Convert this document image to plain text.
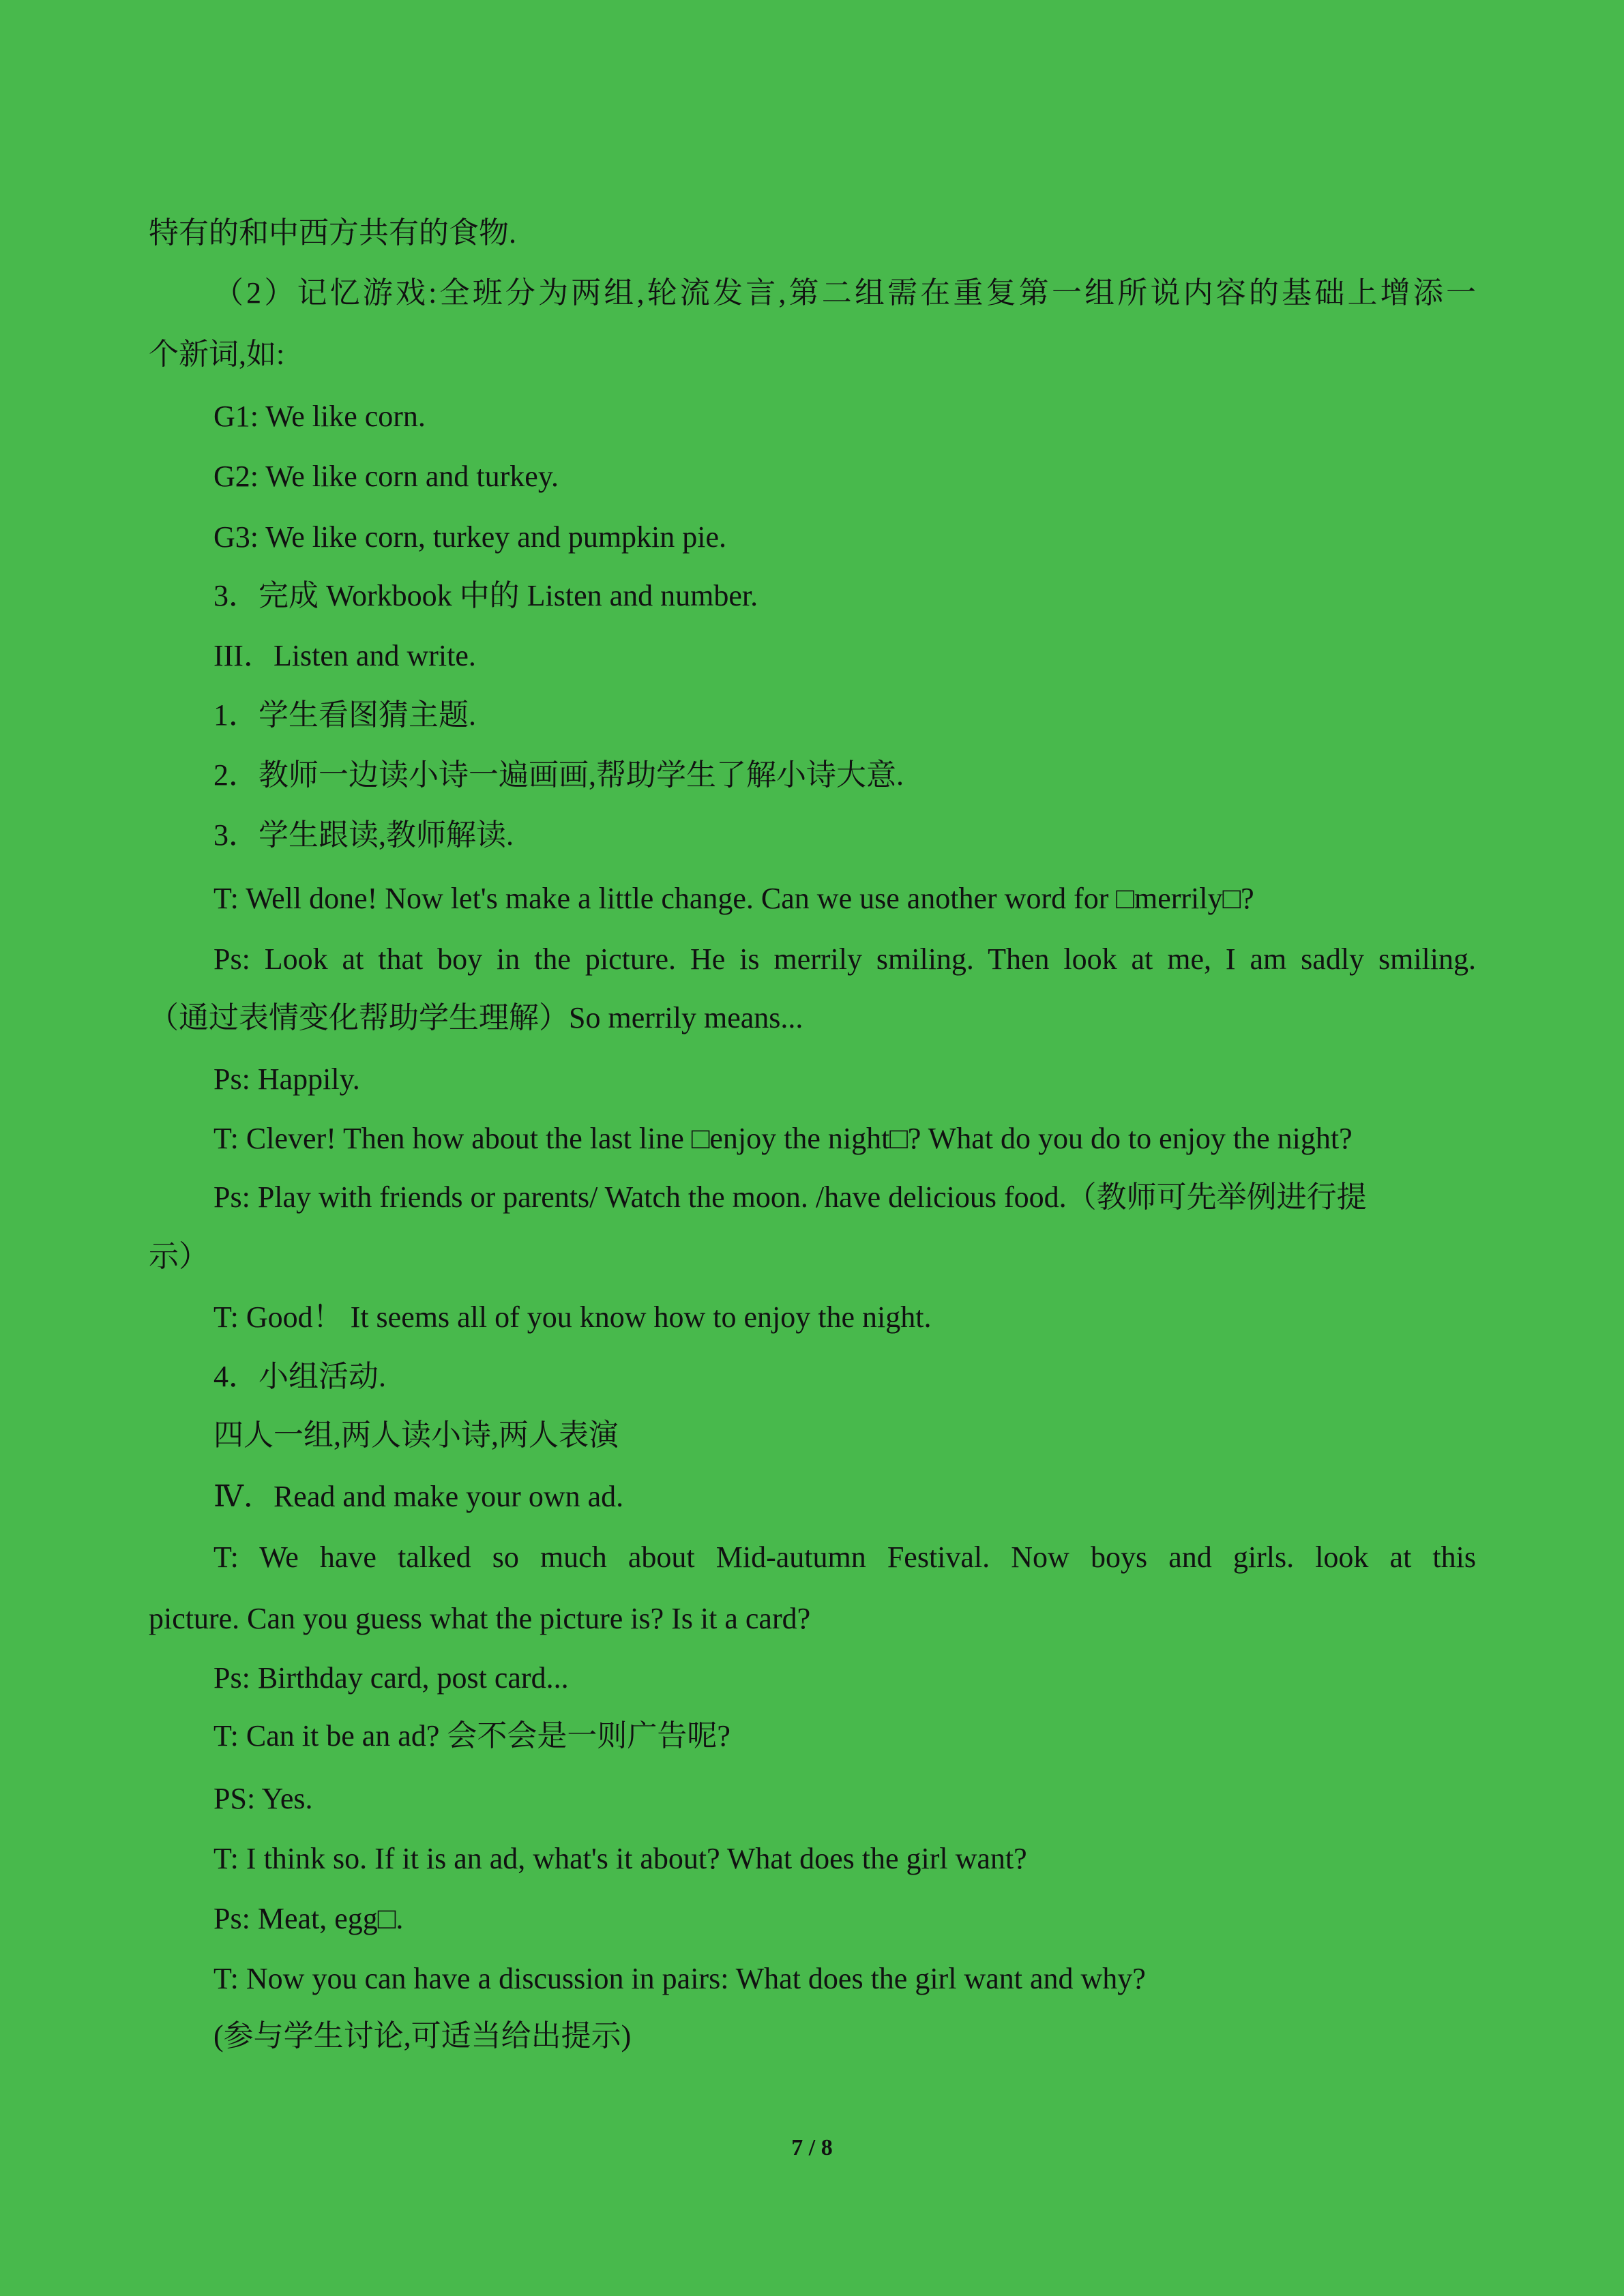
特有的和中西方共有的食物.
（2）记忆游戏:全班分为两组,轮流发言,第二组需在重复第一组所说内容的基础上增添一
个新词,如:
G1: We like corn.
G2: We like corn and turkey.
G3: We like corn, turkey and pumpkin pie.
3．完成 Workbook 中的 Listen and number.
III．Listen and write.
1．学生看图猜主题.
2．教师一边读小诗一遍画画,帮助学生了解小诗大意.
3．学生跟读,教师解读.
T: Well done! Now let's make a little change. Can we use another word for □merrily□?
Ps: Look at that boy in the picture. He is merrily smiling. Then look at me, I am sadly smiling.
（通过表情变化帮助学生理解）So merrily means...
Ps: Happily.
T: Clever! Then how about the last line □enjoy the night□? What do you do to enjoy the night?
Ps: Play with friends or parents/ Watch the moon. /have delicious food.（教师可先举例进行提
示）
T: Good！ It seems all of you know how to enjoy the night.
4．小组活动.
四人一组,两人读小诗,两人表演
Ⅳ．Read and make your own ad.
T: We have talked so much about Mid-autumn Festival. Now boys and girls. look at this
picture. Can you guess what the picture is? Is it a card?
Ps: Birthday card, post card...
T: Can it be an ad? 会不会是一则广告呢?
PS: Yes.
T: I think so. If it is an ad, what's it about? What does the girl want?
Ps: Meat, egg□.
T: Now you can have a discussion in pairs: What does the girl want and why?
(参与学生讨论,可适当给出提示)
7 / 8
